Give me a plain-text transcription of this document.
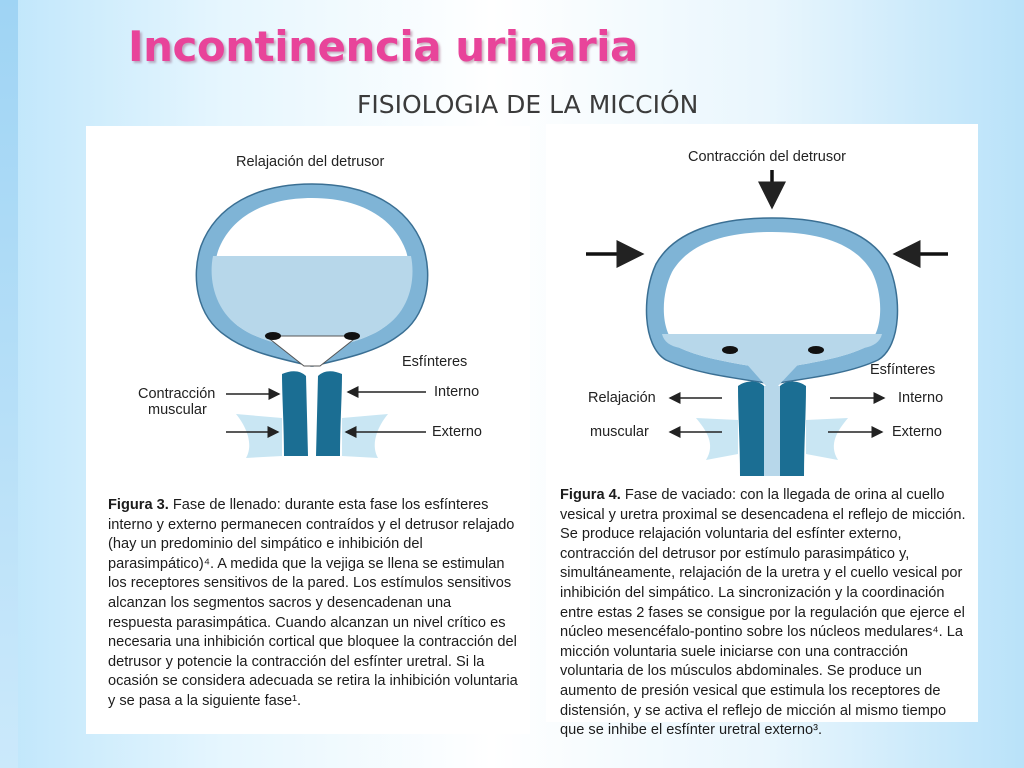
Incontinencia urinaria
FISIOLOGIA DE LA MICCIÓN
Relajación del detrusor
Esfínteres
Contracción
muscular
Interno
Externo

Figura 3. Fase de llenado: durante esta fase los esfínteres interno y externo permanecen contraídos y el detrusor relajado (hay un predominio del simpático e inhibición del parasimpático)⁴. A medida que la vejiga se llena se estimulan los receptores sensitivos de la pared. Los estímulos sensitivos alcanzan los segmentos sacros y desencadenan una respuesta parasimpática. Cuando alcanzan un nivel crítico es necesaria una inhibición cortical que bloquee la contracción del detrusor y potencie la contracción del esfínter uretral. Si la ocasión se considera adecuada se retira la inhibición voluntaria y se pasa a la siguiente fase¹.

Contracción del detrusor
Esfínteres
Relajación
muscular
Interno
Externo

Figura 4. Fase de vaciado: con la llegada de orina al cuello vesical y uretra proximal se desencadena el reflejo de micción. Se produce relajación voluntaria del esfínter externo, contracción del detrusor por estímulo parasimpático y, simultáneamente, relajación de la uretra y el cuello vesical por inhibición del simpático. La sincronización y la coordinación entre estas 2 fases se consigue por la regulación que ejerce el núcleo mesencéfalo-pontino sobre los núcleos medulares⁴. La micción voluntaria suele iniciarse con una contracción voluntaria de los músculos abdominales. Se produce un aumento de presión vesical que estimula los receptores de distensión, y se activa el reflejo de micción al mismo tiempo que se inhibe el esfínter uretral externo³.
